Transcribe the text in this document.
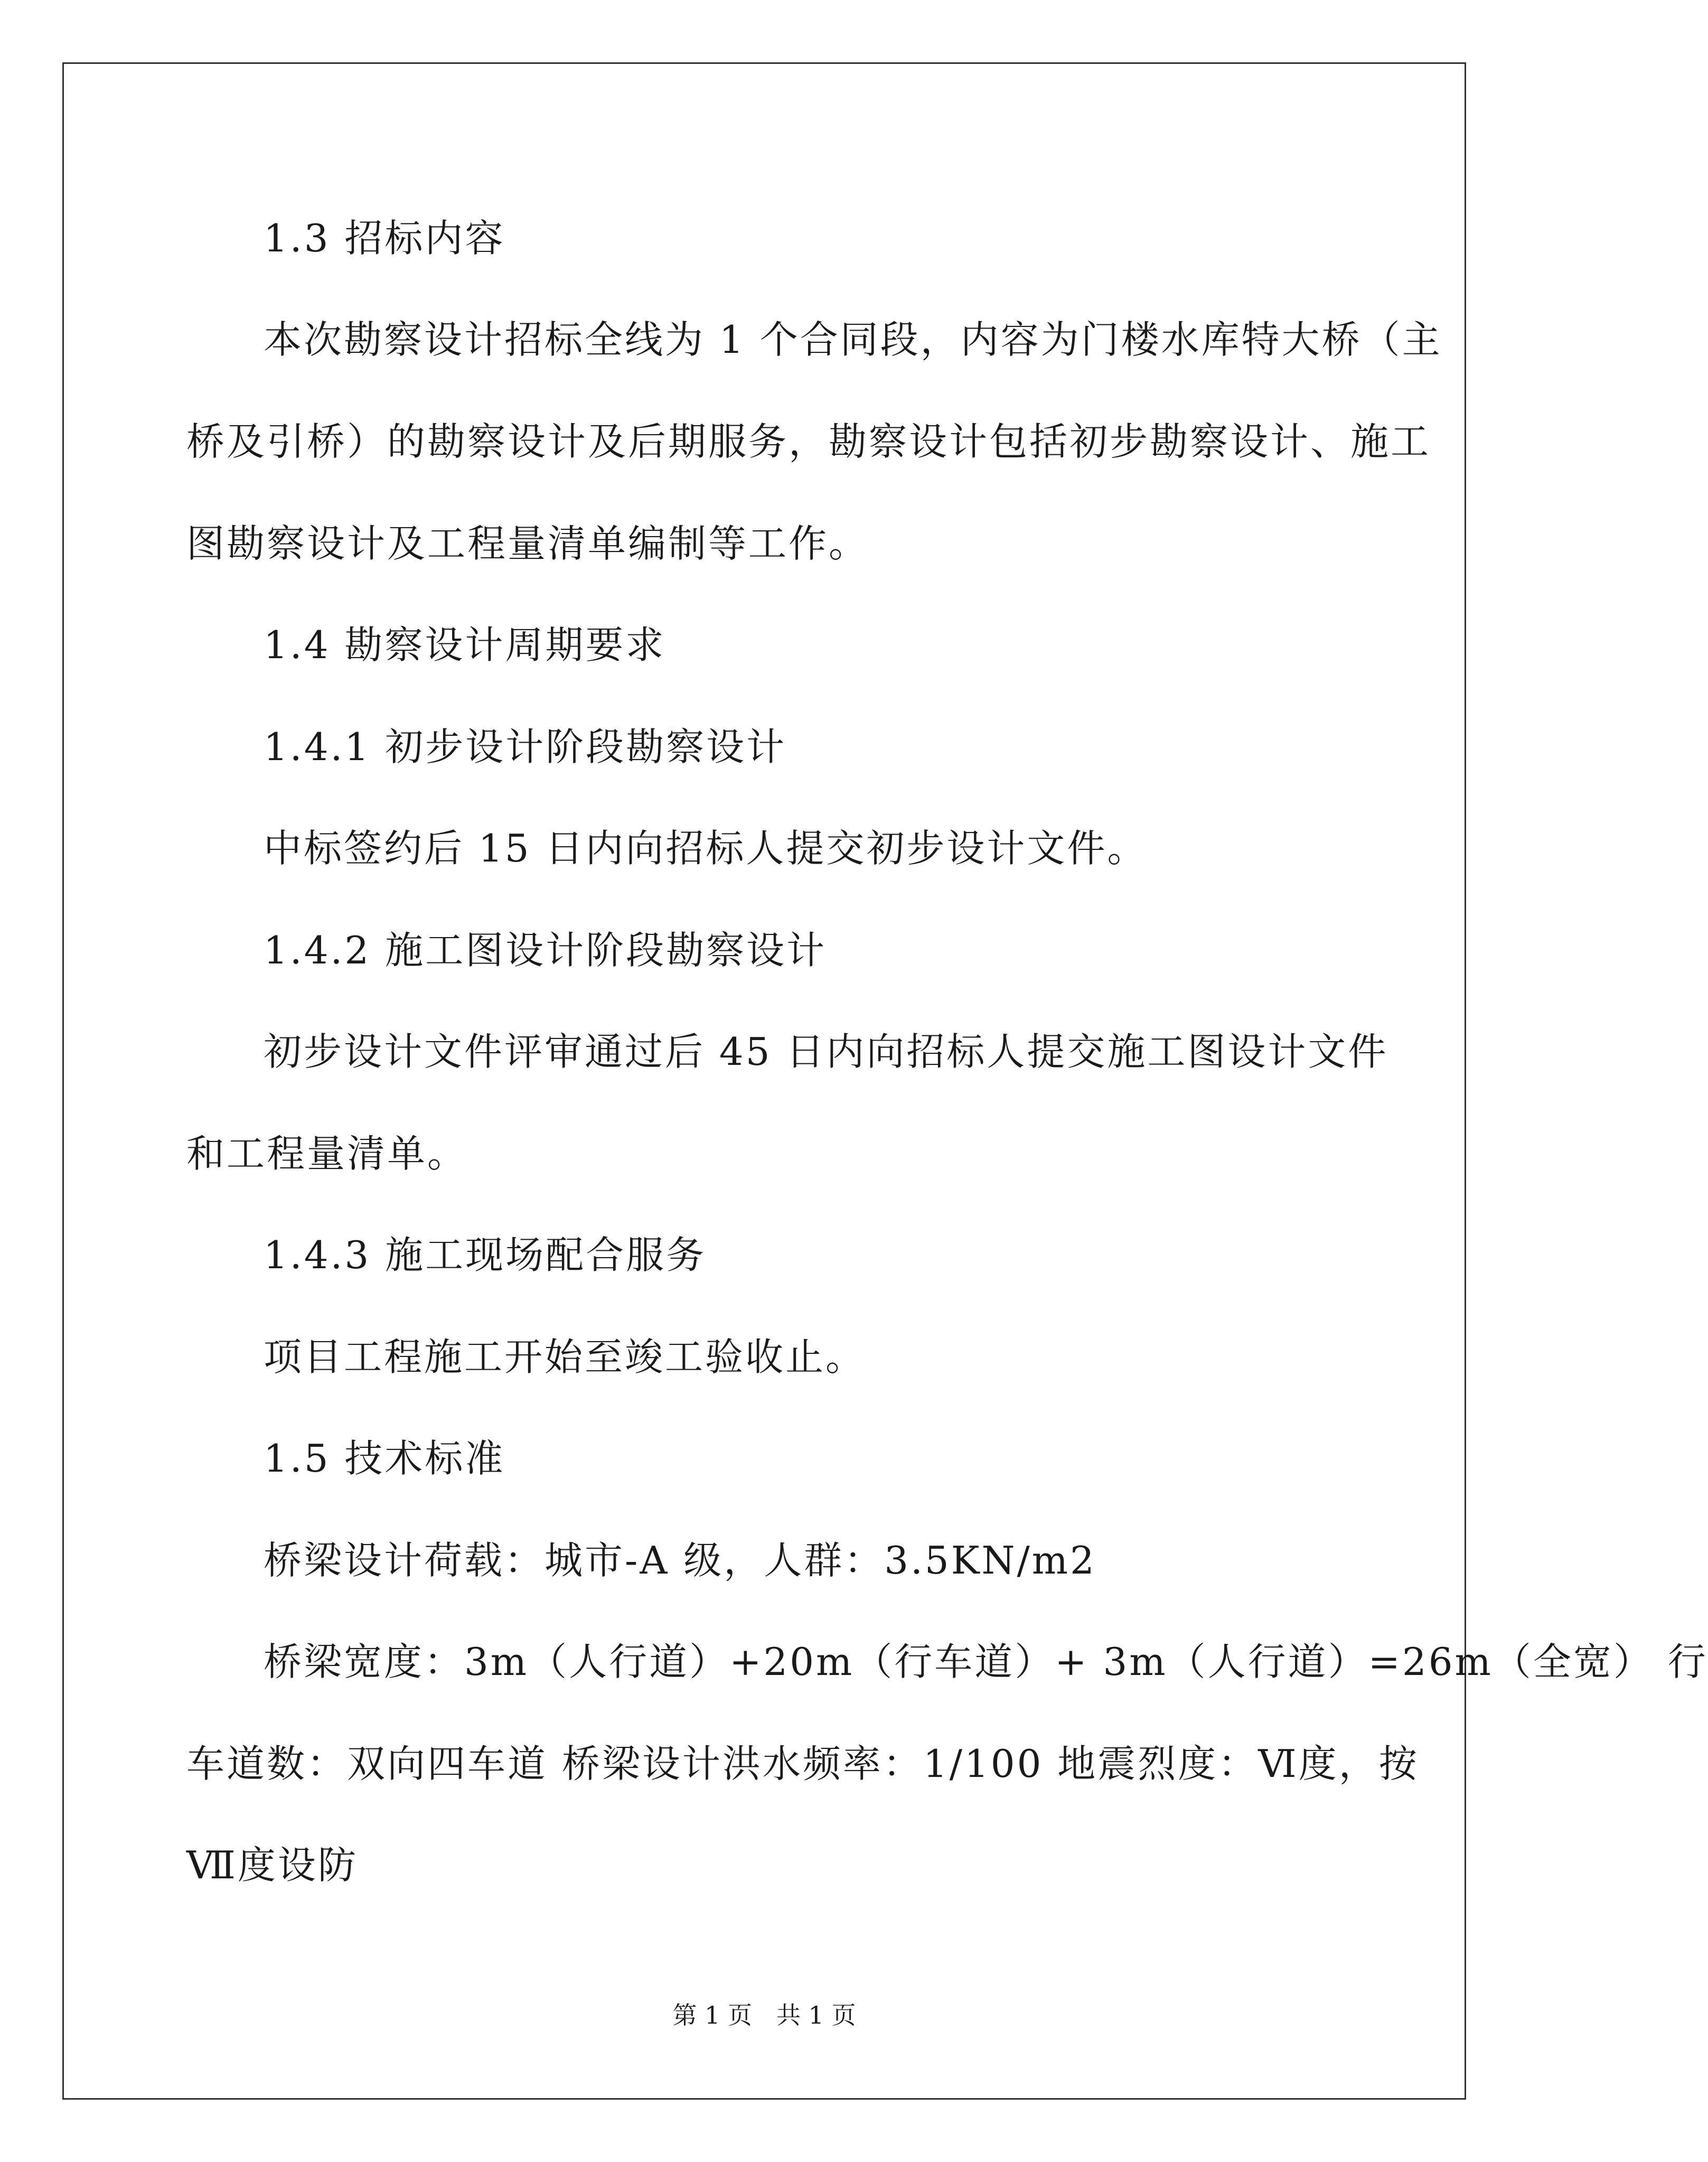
1.3 招标内容
本次勘察设计招标全线为 1 个合同段，内容为门楼水库特大桥（主
桥及引桥）的勘察设计及后期服务，勘察设计包括初步勘察设计、施工
图勘察设计及工程量清单编制等工作。
1.4 勘察设计周期要求
1.4.1 初步设计阶段勘察设计
中标签约后 15 日内向招标人提交初步设计文件。
1.4.2 施工图设计阶段勘察设计
初步设计文件评审通过后 45 日内向招标人提交施工图设计文件
和工程量清单。
1.4.3 施工现场配合服务
项目工程施工开始至竣工验收止。
1.5 技术标准
桥梁设计荷载：城市-A 级，人群：3.5KN/m2
桥梁宽度：3m（人行道）+20m（行车道）+ 3m（人行道）=26m（全宽） 行
车道数：双向四车道 桥梁设计洪水频率：1/100 地震烈度：Ⅵ度，按
Ⅶ度设防
第 1 页　共 1 页
